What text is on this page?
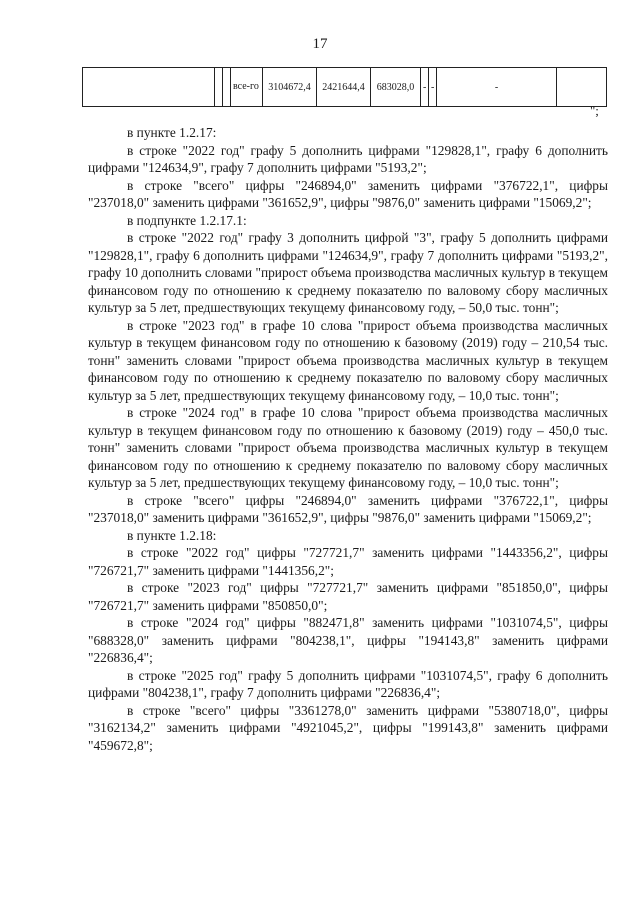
17
			все-го	3104672,4	2421644,4	683028,0	-	-	-	
";

в пункте 1.2.17:

в строке "2022 год" графу 5 дополнить цифрами "129828,1", графу 6 дополнить цифрами "124634,9", графу 7 дополнить цифрами "5193,2";

в строке "всего" цифры "246894,0" заменить цифрами "376722,1", цифры "237018,0" заменить цифрами "361652,9", цифры "9876,0" заменить цифрами "15069,2";

в подпункте 1.2.17.1:

в строке "2022 год" графу 3 дополнить цифрой "3", графу 5 дополнить цифрами "129828,1", графу 6 дополнить цифрами "124634,9", графу 7 дополнить цифрами "5193,2", графу 10 дополнить словами "прирост объема производства масличных культур в текущем финансовом году по отношению к среднему показателю по валовому сбору масличных культур за 5 лет, предшествующих текущему финансовому году, – 50,0 тыс. тонн";

в строке "2023 год" в графе 10 слова "прирост объема производства масличных культур в текущем финансовом году по отношению к базовому (2019) году – 210,54 тыс. тонн" заменить словами "прирост объема производства масличных культур в текущем финансовом году по отношению к среднему показателю по валовому сбору масличных культур за 5 лет, предшествующих текущему финансовому году, – 10,0 тыс. тонн";

в строке "2024 год" в графе 10 слова "прирост объема производства масличных культур в текущем финансовом году по отношению к базовому (2019) году – 450,0 тыс. тонн" заменить словами "прирост объема производства масличных культур в текущем финансовом году по отношению к среднему показателю по валовому сбору масличных культур за 5 лет, предшествующих текущему финансовому году, – 10,0 тыс. тонн";

в строке "всего" цифры "246894,0" заменить цифрами "376722,1", цифры "237018,0" заменить цифрами "361652,9", цифры "9876,0" заменить цифрами "15069,2";

в пункте 1.2.18:

в строке "2022 год" цифры "727721,7" заменить цифрами "1443356,2", цифры "726721,7" заменить цифрами "1441356,2";

в строке "2023 год" цифры "727721,7" заменить цифрами "851850,0", цифры "726721,7" заменить цифрами "850850,0";

в строке "2024 год" цифры "882471,8" заменить цифрами "1031074,5", цифры "688328,0" заменить цифрами "804238,1", цифры "194143,8" заменить цифрами "226836,4";

в строке "2025 год" графу 5 дополнить цифрами "1031074,5", графу 6 дополнить цифрами "804238,1", графу 7 дополнить цифрами "226836,4";

в строке "всего" цифры "3361278,0" заменить цифрами "5380718,0", цифры "3162134,2" заменить цифрами "4921045,2", цифры "199143,8" заменить цифрами "459672,8";
